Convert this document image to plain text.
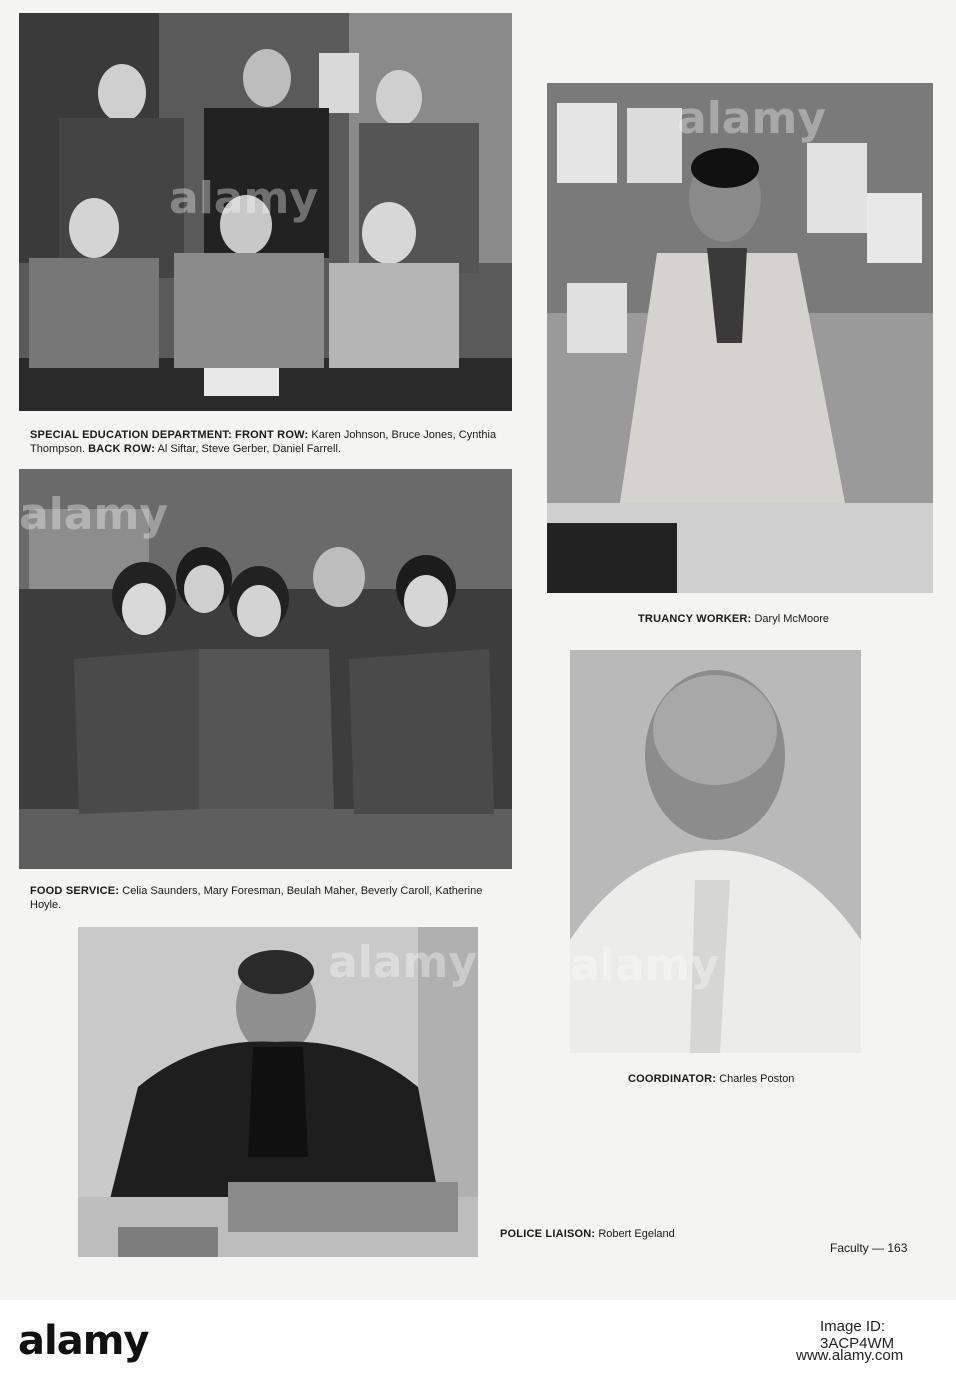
alamy
SPECIAL EDUCATION DEPARTMENT: FRONT ROW: Karen Johnson, Bruce Jones, Cynthia Thompson. BACK ROW: Al Siftar, Steve Gerber, Daniel Farrell.
alamy
TRUANCY WORKER: Daryl McMoore
alamy
FOOD SERVICE: Celia Saunders, Mary Foresman, Beulah Maher, Beverly Caroll, Katherine Hoyle.
alamy
COORDINATOR: Charles Poston
alamy
POLICE LIAISON: Robert Egeland
Faculty — 163
alamy	Image ID: 3ACP4WM
www.alamy.com
